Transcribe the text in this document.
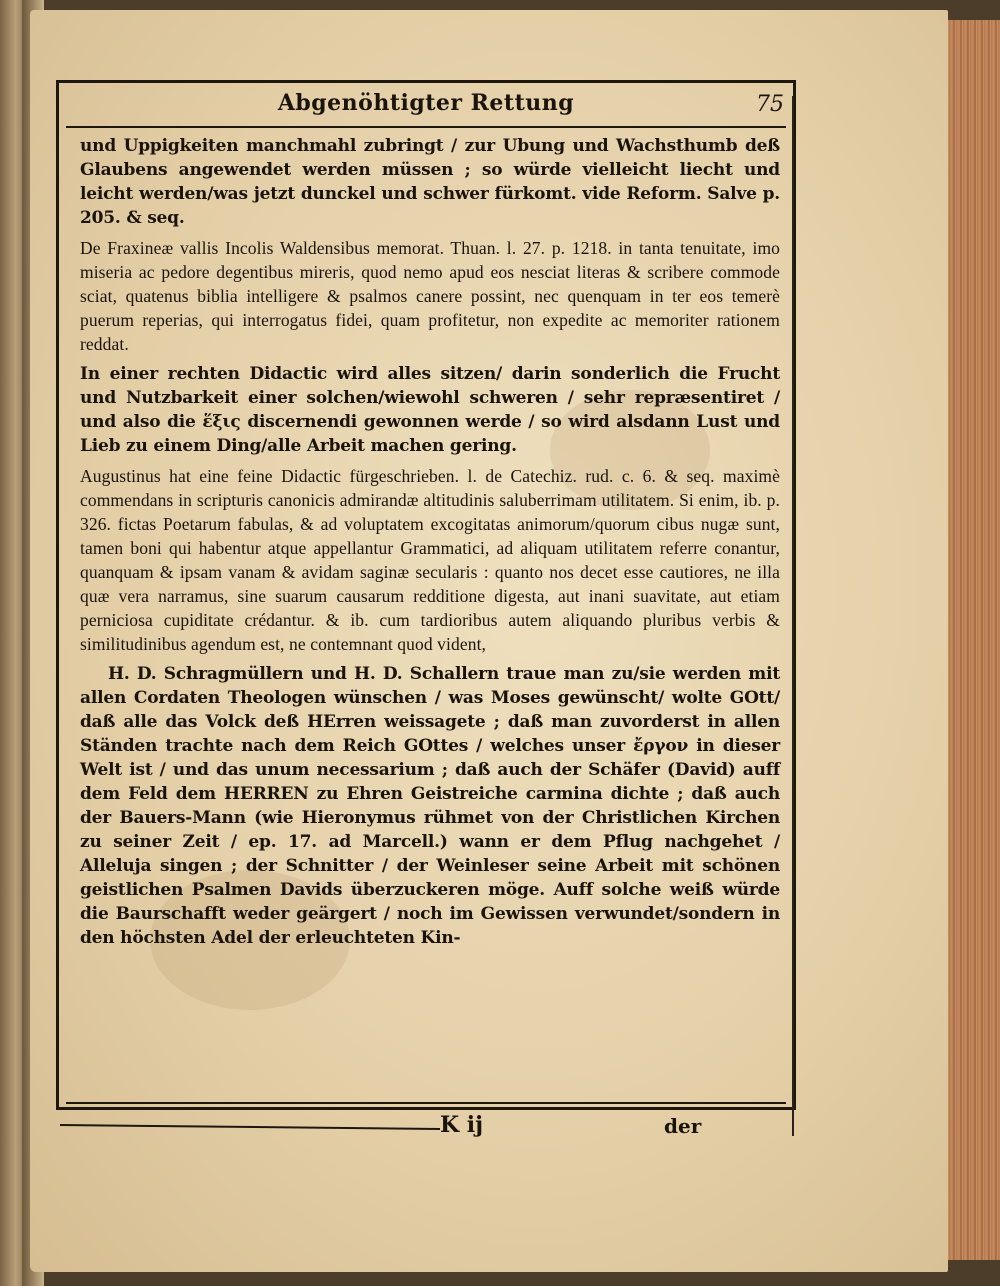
Abgenöhtigter Rettung	75

und Uppigkeiten manchmahl zubringt / zur Ubung und Wachsthumb deß Glaubens angewendet werden müssen ; so würde vielleicht liecht und leicht werden/was jetzt dunckel und schwer fürkomt. vide Reform. Salve p. 205. & seq.

De Fraxineæ vallis Incolis Waldensibus memorat. Thuan. l. 27. p. 1218. in tanta tenuitate, imo miseria ac pedore degentibus mireris, quod nemo apud eos nesciat literas & scribere commode sciat, quatenus biblia intelligere & psalmos canere possint, nec quenquam in ter eos temerè puerum reperias, qui interrogatus fidei, quam profitetur, non expedite ac memoriter rationem reddat.

In einer rechten Didactic wird alles sitzen/ darin sonderlich die Frucht und Nutzbarkeit einer solchen/wiewohl schweren / sehr repræsentiret / und also die ἕξις discernendi gewonnen werde / so wird alsdann Lust und Lieb zu einem Ding/alle Arbeit machen gering.

Augustinus hat eine feine Didactic fürgeschrieben. l. de Catechiz. rud. c. 6. & seq. maximè commendans in scripturis canonicis admirandæ altitudinis saluberrimam utilitatem. Si enim, ib. p. 326. fictas Poetarum fabulas, & ad voluptatem excogitatas animorum/quorum cibus nugæ sunt, tamen boni qui habentur atque appellantur Grammatici, ad aliquam utilitatem referre conantur, quanquam & ipsam vanam & avidam saginæ secularis : quanto nos decet esse cautiores, ne illa quæ vera narramus, sine suarum causarum redditione digesta, aut inani suavitate, aut etiam perniciosa cupiditate crédantur. & ib. cum tardioribus autem aliquando pluribus verbis & similitudinibus agendum est, ne contemnant quod vident,

H. D. Schragmüllern und H. D. Schallern traue man zu/sie werden mit allen Cordaten Theologen wünschen / was Moses gewünscht/ wolte GOtt/ daß alle das Volck deß HErren weissagete ; daß man zuvorderst in allen Ständen trachte nach dem Reich GOttes / welches unser ἔργον in dieser Welt ist / und das unum necessarium ; daß auch der Schäfer (David) auff dem Feld dem HERREN zu Ehren Geistreiche carmina dichte ; daß auch der Bauers-Mann (wie Hieronymus rühmet von der Christlichen Kirchen zu seiner Zeit / ep. 17. ad Marcell.) wann er dem Pflug nachgehet / Alleluja singen ; der Schnitter / der Weinleser seine Arbeit mit schönen geistlichen Psalmen Davids überzuckeren möge. Auff solche weiß würde die Baurschafft weder geärgert / noch im Gewissen verwundet/sondern in den höchsten Adel der erleuchteten Kin-

K ij	der
